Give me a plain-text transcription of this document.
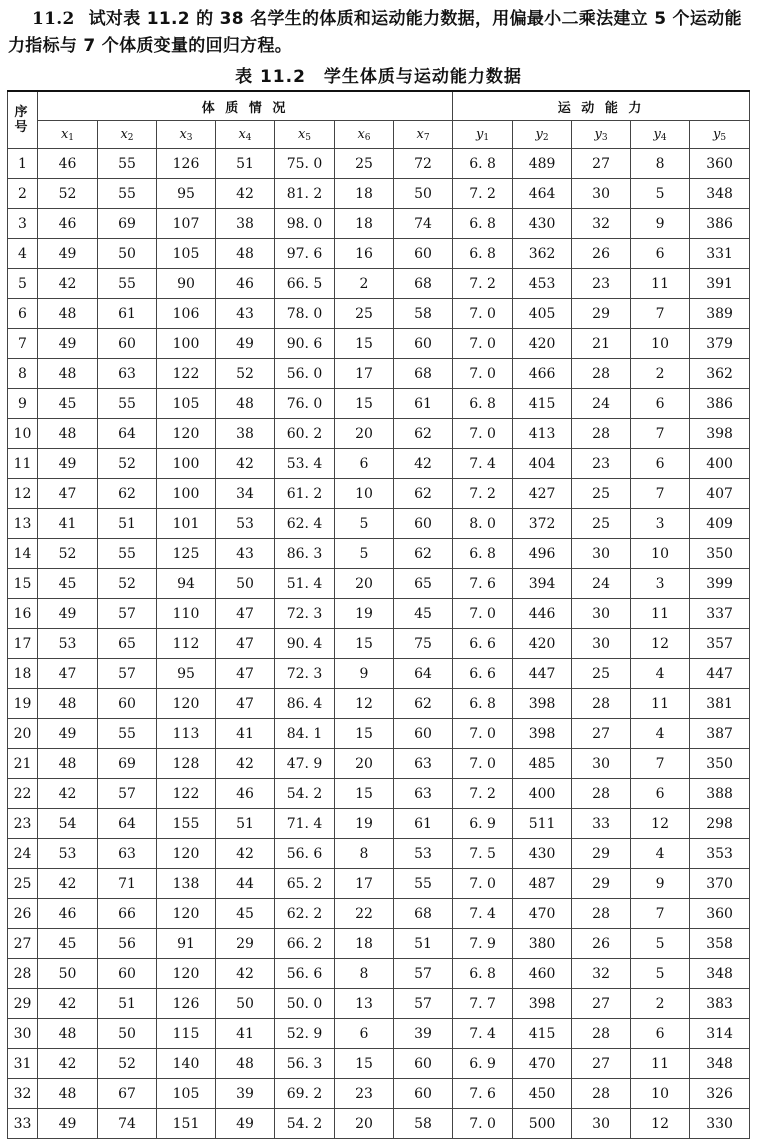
11.2 试对表 11.2 的 38 名学生的体质和运动能力数据，用偏最小二乘法建立 5 个运动能力指标与 7 个体质变量的回归方程。
表 11.2　学生体质与运动能力数据
序号	体 质 情 况							运 动 能 力				
	$x_1$	$x_2$	$x_3$	$x_4$	$x_5$	$x_6$	$x_7$	$y_1$	$y_2$	$y_3$	$y_4$	$y_5$
1	46	55	126	51	75. 0	25	72	6. 8	489	27	8	360
2	52	55	95	42	81. 2	18	50	7. 2	464	30	5	348
3	46	69	107	38	98. 0	18	74	6. 8	430	32	9	386
4	49	50	105	48	97. 6	16	60	6. 8	362	26	6	331
5	42	55	90	46	66. 5	2	68	7. 2	453	23	11	391
6	48	61	106	43	78. 0	25	58	7. 0	405	29	7	389
7	49	60	100	49	90. 6	15	60	7. 0	420	21	10	379
8	48	63	122	52	56. 0	17	68	7. 0	466	28	2	362
9	45	55	105	48	76. 0	15	61	6. 8	415	24	6	386
10	48	64	120	38	60. 2	20	62	7. 0	413	28	7	398
11	49	52	100	42	53. 4	6	42	7. 4	404	23	6	400
12	47	62	100	34	61. 2	10	62	7. 2	427	25	7	407
13	41	51	101	53	62. 4	5	60	8. 0	372	25	3	409
14	52	55	125	43	86. 3	5	62	6. 8	496	30	10	350
15	45	52	94	50	51. 4	20	65	7. 6	394	24	3	399
16	49	57	110	47	72. 3	19	45	7. 0	446	30	11	337
17	53	65	112	47	90. 4	15	75	6. 6	420	30	12	357
18	47	57	95	47	72. 3	9	64	6. 6	447	25	4	447
19	48	60	120	47	86. 4	12	62	6. 8	398	28	11	381
20	49	55	113	41	84. 1	15	60	7. 0	398	27	4	387
21	48	69	128	42	47. 9	20	63	7. 0	485	30	7	350
22	42	57	122	46	54. 2	15	63	7. 2	400	28	6	388
23	54	64	155	51	71. 4	19	61	6. 9	511	33	12	298
24	53	63	120	42	56. 6	8	53	7. 5	430	29	4	353
25	42	71	138	44	65. 2	17	55	7. 0	487	29	9	370
26	46	66	120	45	62. 2	22	68	7. 4	470	28	7	360
27	45	56	91	29	66. 2	18	51	7. 9	380	26	5	358
28	50	60	120	42	56. 6	8	57	6. 8	460	32	5	348
29	42	51	126	50	50. 0	13	57	7. 7	398	27	2	383
30	48	50	115	41	52. 9	6	39	7. 4	415	28	6	314
31	42	52	140	48	56. 3	15	60	6. 9	470	27	11	348
32	48	67	105	39	69. 2	23	60	7. 6	450	28	10	326
33	49	74	151	49	54. 2	20	58	7. 0	500	30	12	330
